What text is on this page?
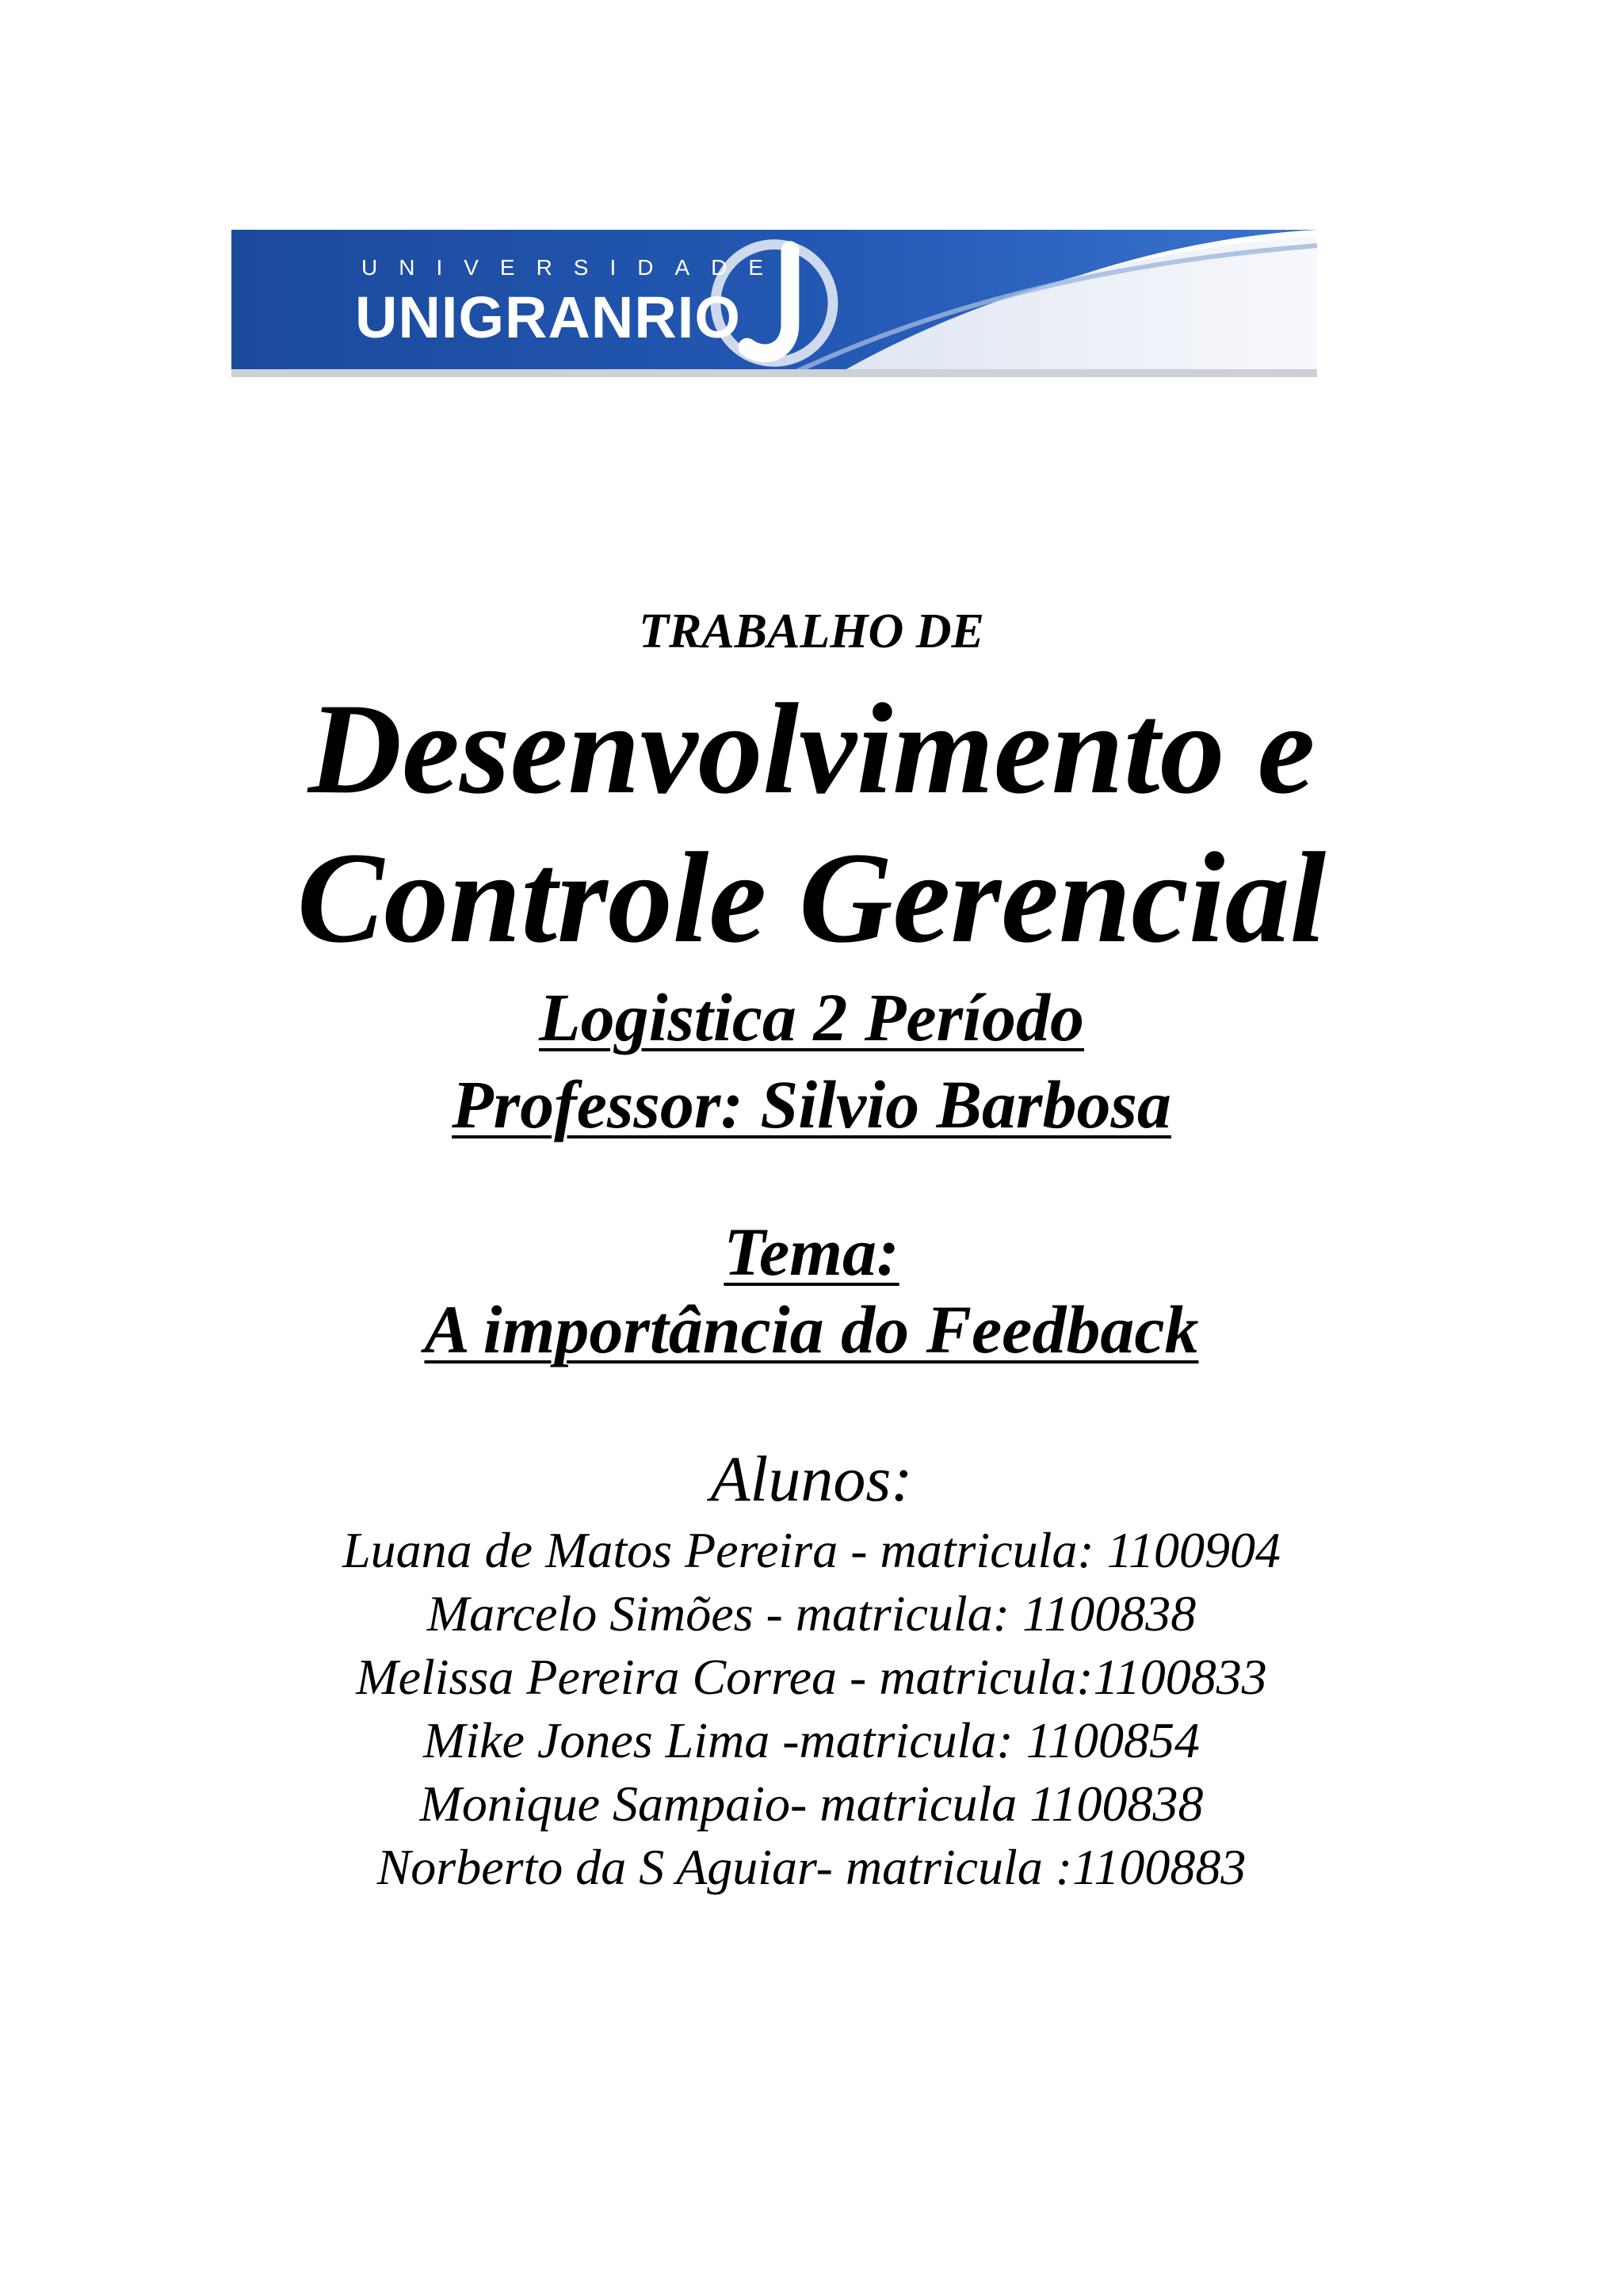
UNIVERSIDADE
UNIGRANRIO
TRABALHO DE
Desenvolvimento e
Controle Gerencial
Logistica 2 Período
Professor: Silvio Barbosa
Tema:
A importância do Feedback
Alunos:
Luana de Matos Pereira - matricula: 1100904
Marcelo Simões - matricula: 1100838
Melissa Pereira Correa - matricula:1100833
Mike Jones Lima -matricula: 1100854
Monique Sampaio- matricula 1100838
Norberto da S Aguiar- matricula :1100883
